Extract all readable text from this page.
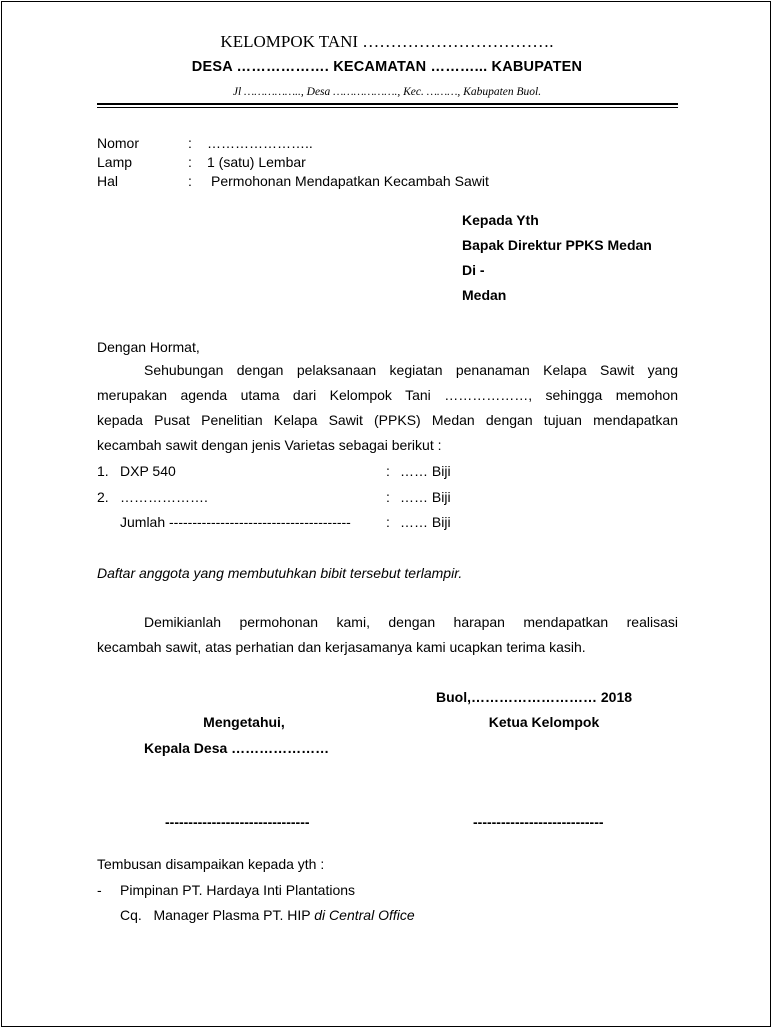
KELOMPOK TANI …………………………….
DESA ………………. KECAMATAN ………... KABUPATEN
Jl …………….., Desa ………………., Kec. ………, Kabupaten Buol.
Nomor	: …………………..
Lamp	: 1 (satu) Lembar
Hal	: Permohonan Mendapatkan Kecambah Sawit
Kepada Yth
Bapak Direktur PPKS Medan
Di -
Medan
Dengan Hormat,
Sehubungan dengan pelaksanaan kegiatan penanaman Kelapa Sawit yang
merupakan agenda utama dari Kelompok Tani ………………, sehingga memohon
kepada Pusat Penelitian Kelapa Sawit (PPKS) Medan dengan tujuan mendapatkan
kecambah sawit dengan jenis Varietas sebagai berikut :
1. DXP 540	: …… Biji
2. ……………….	: …… Biji
Jumlah ---------------------------------------	: …… Biji
Daftar anggota yang membutuhkan bibit tersebut terlampir.
Demikianlah permohonan kami, dengan harapan mendapatkan realisasi
kecambah sawit, atas perhatian dan kerjasamanya kami ucapkan terima kasih.
Buol,……………………… 2018
Mengetahui,	Ketua Kelompok
Kepala Desa …………………
-------------------------------	----------------------------
Tembusan disampaikan kepada yth :
- Pimpinan PT. Hardaya Inti Plantations
Cq.   Manager Plasma PT. HIP di Central Office
